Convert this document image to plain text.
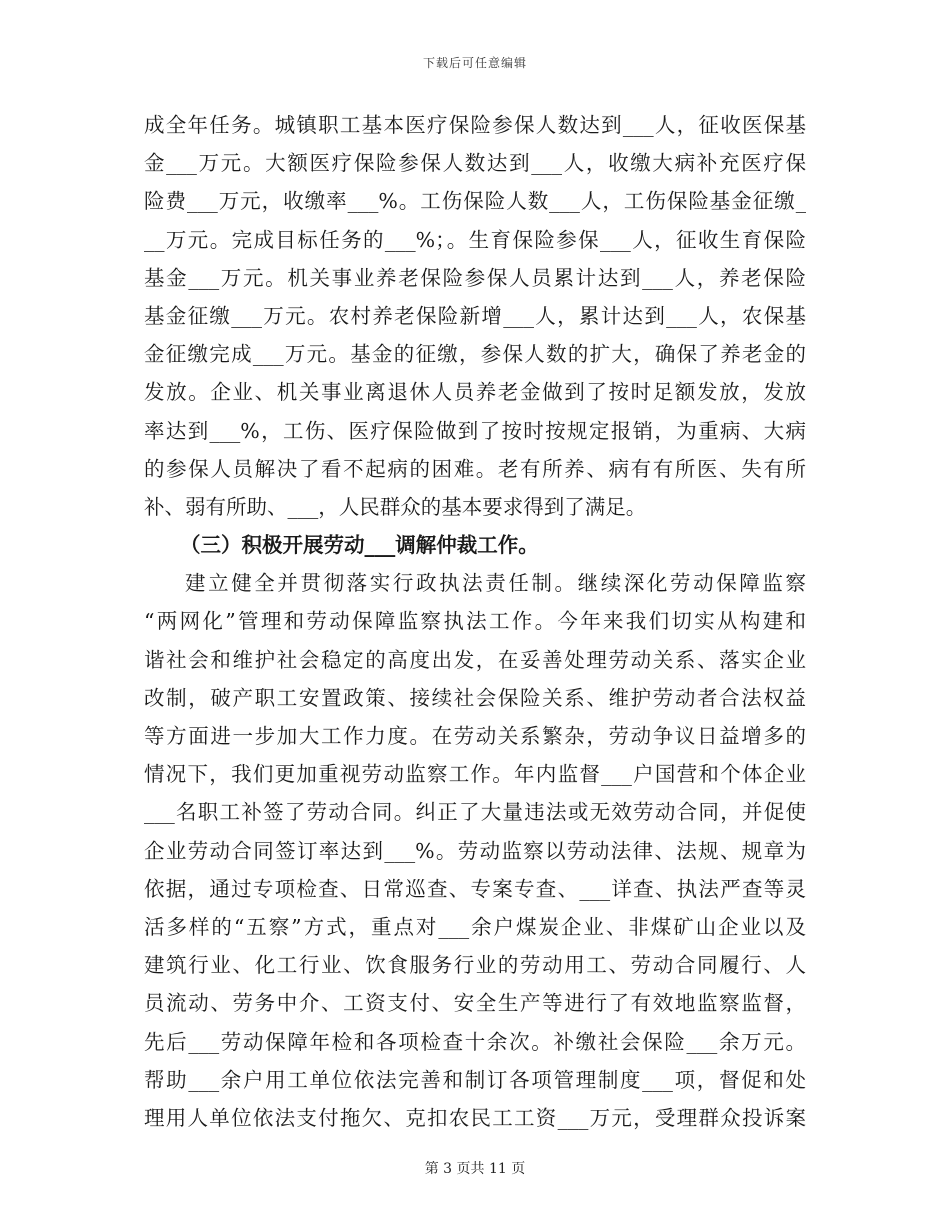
下载后可任意编辑
成全年任务。城镇职工基本医疗保险参保人数达到___人，征收医保基
金___万元。大额医疗保险参保人数达到___人，收缴大病补充医疗保
险费___万元，收缴率___%。工伤保险人数___人，工伤保险基金征缴_
__万元。完成目标任务的___%；。生育保险参保___人，征收生育保险
基金___万元。机关事业养老保险参保人员累计达到___人，养老保险
基金征缴___万元。农村养老保险新增___人，累计达到___人，农保基
金征缴完成___万元。基金的征缴，参保人数的扩大，确保了养老金的
发放。企业、机关事业离退休人员养老金做到了按时足额发放，发放
率达到___%，工伤、医疗保险做到了按时按规定报销，为重病、大病
的参保人员解决了看不起病的困难。老有所养、病有有所医、失有所
补、弱有所助、___，人民群众的基本要求得到了满足。
（三）积极开展劳动___调解仲裁工作。
建立健全并贯彻落实行政执法责任制。继续深化劳动保障监察
“两网化”管理和劳动保障监察执法工作。今年来我们切实从构建和
谐社会和维护社会稳定的高度出发，在妥善处理劳动关系、落实企业
改制，破产职工安置政策、接续社会保险关系、维护劳动者合法权益
等方面进一步加大工作力度。在劳动关系繁杂，劳动争议日益增多的
情况下，我们更加重视劳动监察工作。年内监督___户国营和个体企业
___名职工补签了劳动合同。纠正了大量违法或无效劳动合同，并促使
企业劳动合同签订率达到___%。劳动监察以劳动法律、法规、规章为
依据，通过专项检查、日常巡查、专案专查、___详查、执法严查等灵
活多样的“五察”方式，重点对___余户煤炭企业、非煤矿山企业以及
建筑行业、化工行业、饮食服务行业的劳动用工、劳动合同履行、人
员流动、劳务中介、工资支付、安全生产等进行了有效地监察监督，
先后___劳动保障年检和各项检查十余次。补缴社会保险___余万元。
帮助___余户用工单位依法完善和制订各项管理制度___项，督促和处
理用人单位依法支付拖欠、克扣农民工工资___万元，受理群众投诉案
第 3 页共 11 页
